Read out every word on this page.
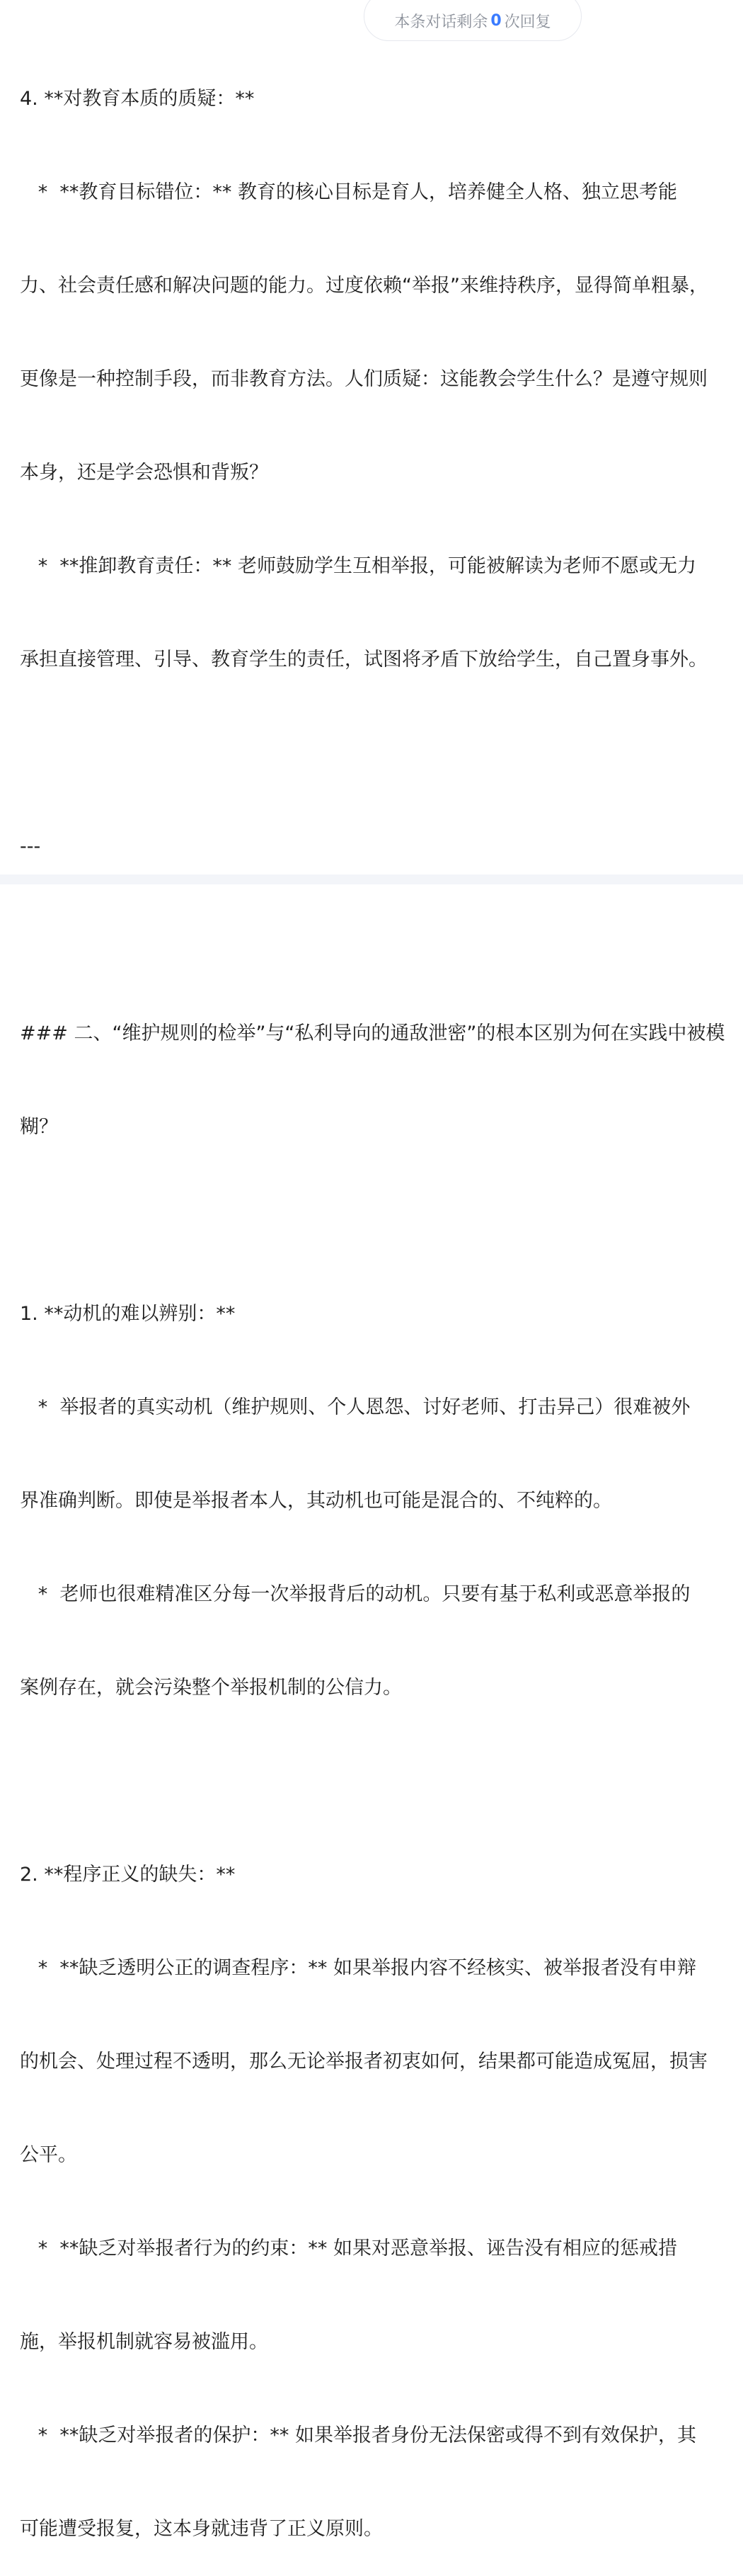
本条对话剩余 0 次回复

4. **对教育本质的质疑：**

*  **教育目标错位：** 教育的核心目标是育人，培养健全人格、独立思考能

力、社会责任感和解决问题的能力。过度依赖“举报”来维持秩序，显得简单粗暴，

更像是一种控制手段，而非教育方法。人们质疑：这能教会学生什么？是遵守规则

本身，还是学会恐惧和背叛？

*  **推卸教育责任：** 老师鼓励学生互相举报，可能被解读为老师不愿或无力

承担直接管理、引导、教育学生的责任，试图将矛盾下放给学生，自己置身事外。

---

### 二、“维护规则的检举”与“私利导向的通敌泄密”的根本区别为何在实践中被模

糊？

1. **动机的难以辨别：**

*  举报者的真实动机（维护规则、个人恩怨、讨好老师、打击异己）很难被外

界准确判断。即使是举报者本人，其动机也可能是混合的、不纯粹的。

*  老师也很难精准区分每一次举报背后的动机。只要有基于私利或恶意举报的

案例存在，就会污染整个举报机制的公信力。

2. **程序正义的缺失：**

*  **缺乏透明公正的调查程序：** 如果举报内容不经核实、被举报者没有申辩

的机会、处理过程不透明，那么无论举报者初衷如何，结果都可能造成冤屈，损害

公平。

*  **缺乏对举报者行为的约束：** 如果对恶意举报、诬告没有相应的惩戒措

施，举报机制就容易被滥用。

*  **缺乏对举报者的保护：** 如果举报者身份无法保密或得不到有效保护，其

可能遭受报复，这本身就违背了正义原则。
